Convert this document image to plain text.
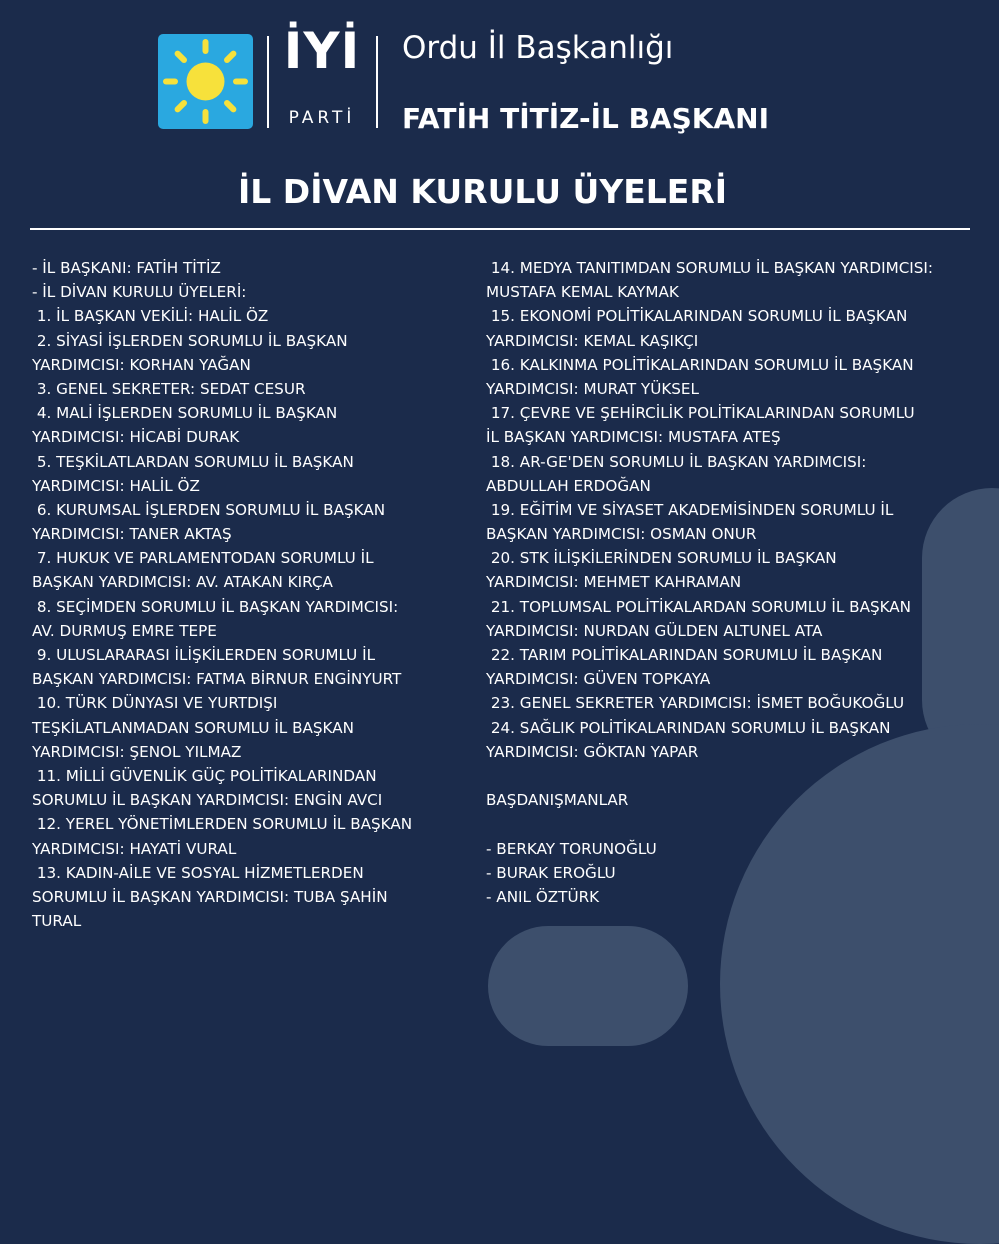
İYİ
PARTİ
Ordu İl Başkanlığı
FATİH TİTİZ-İL BAŞKANI
İL DİVAN KURULU ÜYELERİ
- İL BAŞKANI: FATİH TİTİZ
- İL DİVAN KURULU ÜYELERİ:
1. İL BAŞKAN VEKİLİ: HALİL ÖZ
2. SİYASİ İŞLERDEN SORUMLU İL BAŞKAN
YARDIMCISI: KORHAN YAĞAN
3. GENEL SEKRETER: SEDAT CESUR
4. MALİ İŞLERDEN SORUMLU İL BAŞKAN
YARDIMCISI: HİCABİ DURAK
5. TEŞKİLATLARDAN SORUMLU İL BAŞKAN
YARDIMCISI: HALİL ÖZ
6. KURUMSAL İŞLERDEN SORUMLU İL BAŞKAN
YARDIMCISI: TANER AKTAŞ
7. HUKUK VE PARLAMENTODAN SORUMLU İL
BAŞKAN YARDIMCISI: AV. ATAKAN KIRÇA
8. SEÇİMDEN SORUMLU İL BAŞKAN YARDIMCISI:
AV. DURMUŞ EMRE TEPE
9. ULUSLARARASI İLİŞKİLERDEN SORUMLU İL
BAŞKAN YARDIMCISI: FATMA BİRNUR ENGİNYURT
10. TÜRK DÜNYASI VE YURTDIŞI
TEŞKİLATLANMADAN SORUMLU İL BAŞKAN
YARDIMCISI: ŞENOL YILMAZ
11. MİLLİ GÜVENLİK GÜÇ POLİTİKALARINDAN
SORUMLU İL BAŞKAN YARDIMCISI: ENGİN AVCI
12. YEREL YÖNETİMLERDEN SORUMLU İL BAŞKAN
YARDIMCISI: HAYATİ VURAL
13. KADIN-AİLE VE SOSYAL HİZMETLERDEN
SORUMLU İL BAŞKAN YARDIMCISI: TUBA ŞAHİN
TURAL
14. MEDYA TANITIMDAN SORUMLU İL BAŞKAN YARDIMCISI:
MUSTAFA KEMAL KAYMAK
15. EKONOMİ POLİTİKALARINDAN SORUMLU İL BAŞKAN
YARDIMCISI: KEMAL KAŞIKÇI
16. KALKINMA POLİTİKALARINDAN SORUMLU İL BAŞKAN
YARDIMCISI: MURAT YÜKSEL
17. ÇEVRE VE ŞEHİRCİLİK POLİTİKALARINDAN SORUMLU
İL BAŞKAN YARDIMCISI: MUSTAFA ATEŞ
18. AR-GE'DEN SORUMLU İL BAŞKAN YARDIMCISI:
ABDULLAH ERDOĞAN
19. EĞİTİM VE SİYASET AKADEMİSİNDEN SORUMLU İL
BAŞKAN YARDIMCISI: OSMAN ONUR
20. STK İLİŞKİLERİNDEN SORUMLU İL BAŞKAN
YARDIMCISI: MEHMET KAHRAMAN
21. TOPLUMSAL POLİTİKALARDAN SORUMLU İL BAŞKAN
YARDIMCISI: NURDAN GÜLDEN ALTUNEL ATA
22. TARIM POLİTİKALARINDAN SORUMLU İL BAŞKAN
YARDIMCISI: GÜVEN TOPKAYA
23. GENEL SEKRETER YARDIMCISI: İSMET BOĞUKOĞLU
24. SAĞLIK POLİTİKALARINDAN SORUMLU İL BAŞKAN
YARDIMCISI: GÖKTAN YAPAR
BAŞDANIŞMANLAR
- BERKAY TORUNOĞLU
- BURAK EROĞLU
- ANIL ÖZTÜRK
